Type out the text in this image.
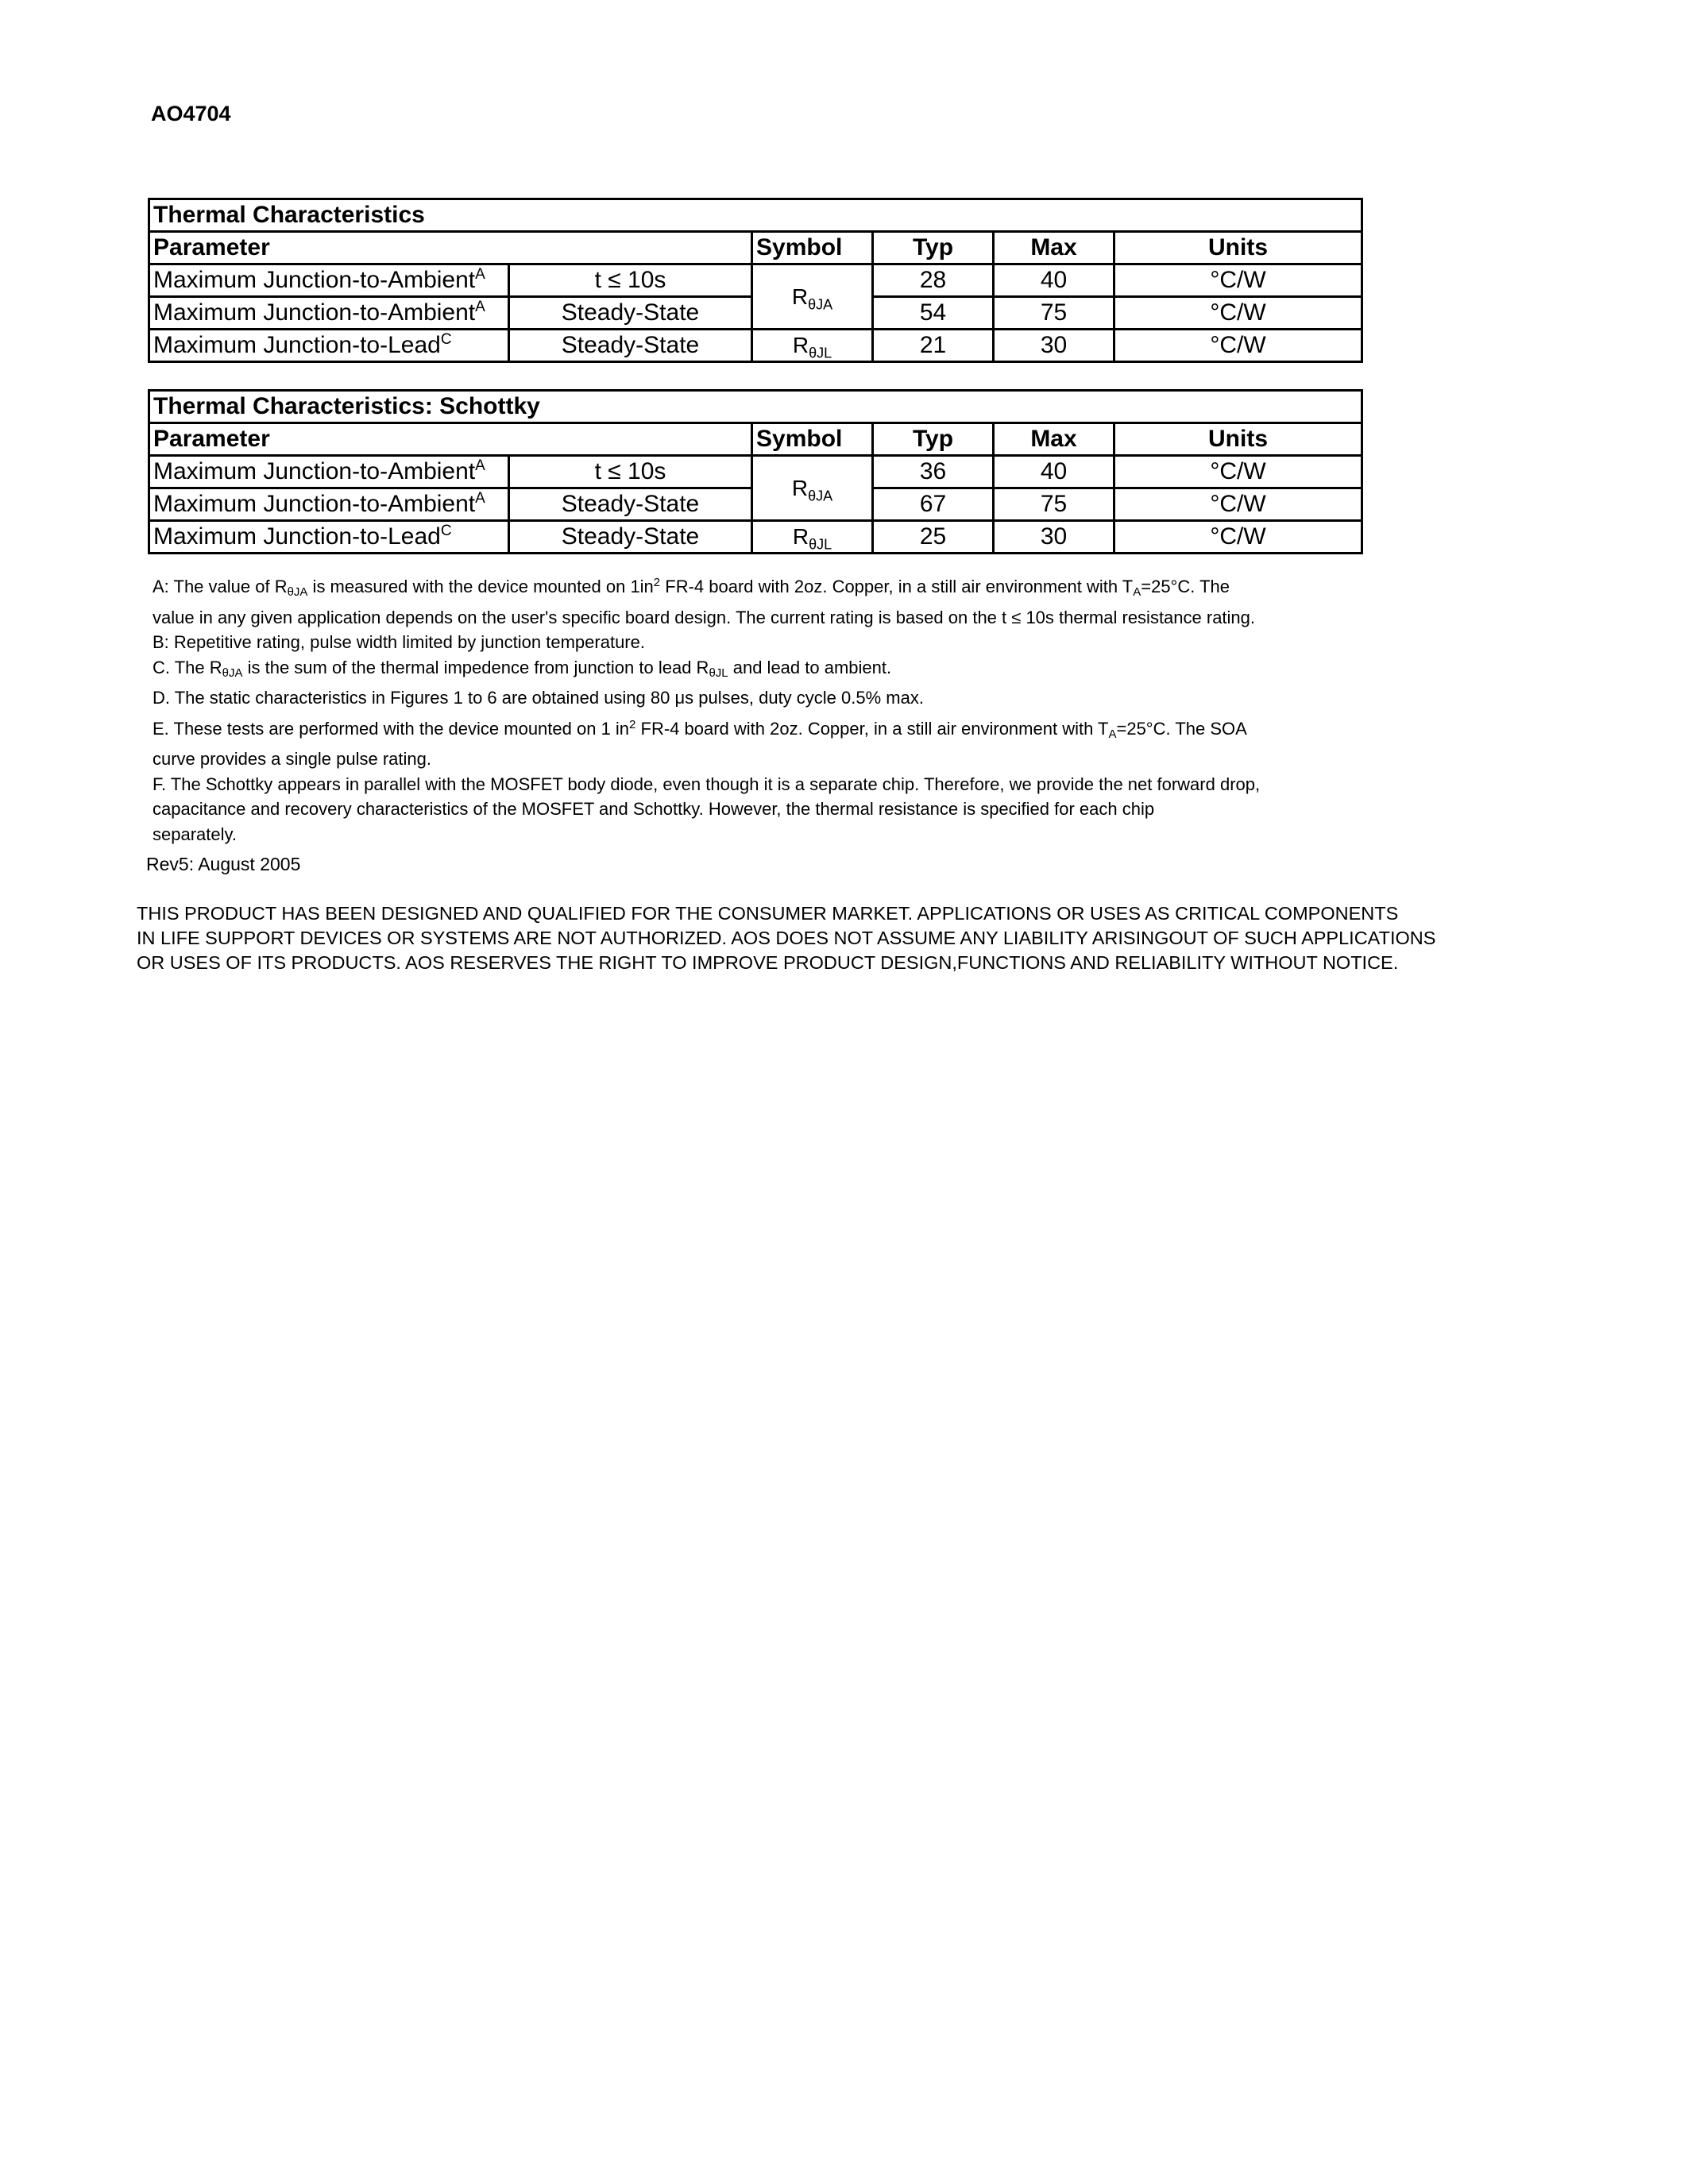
AO4704
Thermal Characteristics					
Parameter		Symbol	Typ	Max	Units
Maximum Junction-to-Ambient$^A$	t ≤ 10s	$R_{\theta JA}$	28	40	°C/W
Maximum Junction-to-Ambient$^A$	Steady-State		54	75	°C/W
Maximum Junction-to-Lead$^C$	Steady-State	$R_{\theta JL}$	21	30	°C/W
Thermal Characteristics: Schottky					
Parameter		Symbol	Typ	Max	Units
Maximum Junction-to-Ambient$^A$	t ≤ 10s	$R_{\theta JA}$	36	40	°C/W
Maximum Junction-to-Ambient$^A$	Steady-State		67	75	°C/W
Maximum Junction-to-Lead$^C$	Steady-State	$R_{\theta JL}$	25	30	°C/W

A: The value of RθJA is measured with the device mounted on 1in$^2$ FR-4 board with 2oz. Copper, in a still air environment with TA=25°C. The

value in any given application depends on the user's specific board design. The current rating is based on the t ≤ 10s thermal resistance rating.

B: Repetitive rating, pulse width limited by junction temperature.

C. The RθJA is the sum of the thermal impedence from junction to lead RθJL and lead to ambient.

D. The static characteristics in Figures 1 to 6 are obtained using 80 μs pulses, duty cycle 0.5% max.

E. These tests are performed with the device mounted on 1 in$^2$ FR-4 board with 2oz. Copper, in a still air environment with TA=25°C. The SOA

curve provides a single pulse rating.

F. The Schottky appears in parallel with the MOSFET body diode, even though it is a separate chip. Therefore, we provide the net forward drop,

capacitance and recovery characteristics of the MOSFET and Schottky. However, the thermal resistance is specified for each chip

separately.

Rev5: August 2005

THIS PRODUCT HAS BEEN DESIGNED AND QUALIFIED FOR THE CONSUMER MARKET. APPLICATIONS OR USES AS CRITICAL COMPONENTS

IN LIFE SUPPORT DEVICES OR SYSTEMS ARE NOT AUTHORIZED. AOS DOES NOT ASSUME ANY LIABILITY ARISINGOUT OF SUCH APPLICATIONS

OR USES OF ITS PRODUCTS. AOS RESERVES THE RIGHT TO IMPROVE PRODUCT DESIGN,FUNCTIONS AND RELIABILITY WITHOUT NOTICE.
